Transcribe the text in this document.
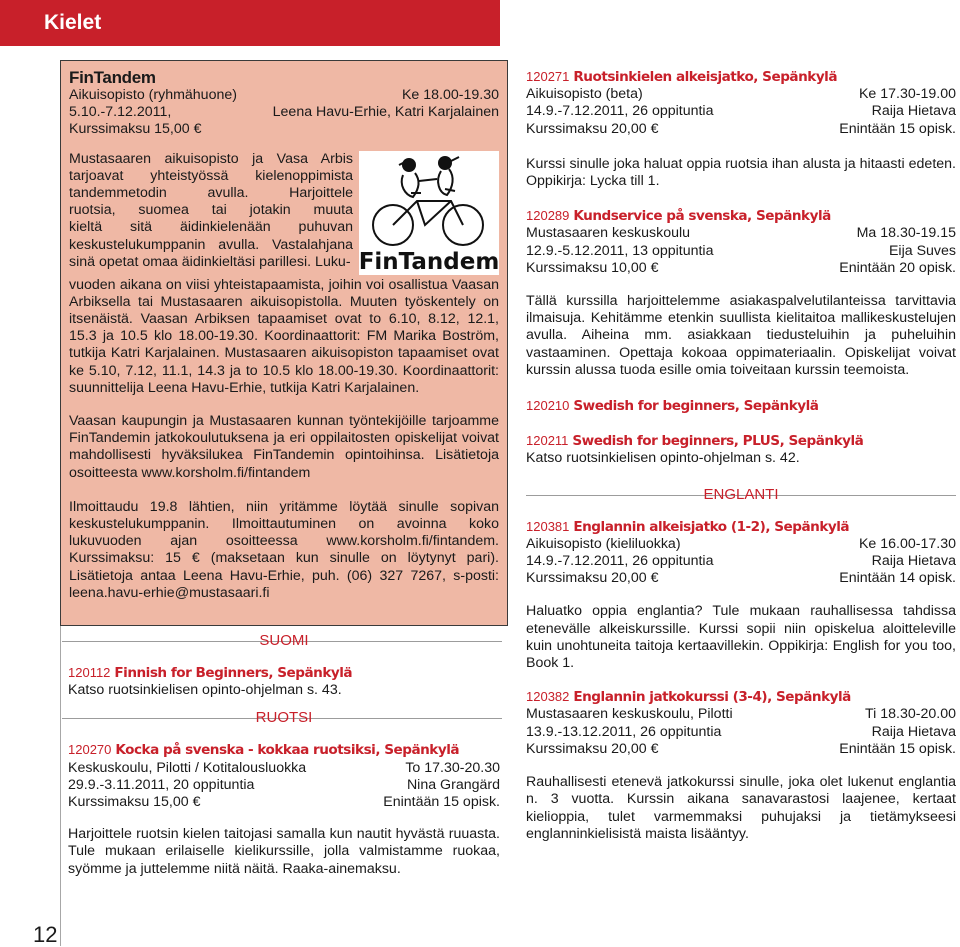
Kielet
12
FinTandem
Aikuisopisto (ryhmähuone)	Ke 18.00-19.30
5.10.-7.12.2011,	Leena Havu-Erhie, Katri Karjalainen
Kurssimaksu 15,00 €
FinTandem
Mustasaaren aikuisopisto ja Vasa Arbis
tarjoavat yhteistyössä kielenoppimista
tandemmetodin avulla. Harjoittele
ruotsia, suomea tai jotakin muuta
kieltä sitä äidinkielenään puhuvan
keskustelukumppanin avulla. Vastalahjana
sinä opetat omaa äidinkieltäsi parillesi. Luku-

vuoden aikana on viisi yhteistapaamista, joihin voi osallistua Vaasan Arbiksella tai Mustasaaren aikuisopistolla. Muuten työskentely on itsenäistä. Vaasan Arbiksen tapaamiset ovat to 6.10, 8.12, 12.1, 15.3 ja 10.5 klo 18.00-19.30. Koordinaattorit: FM Marika Boström, tutkija Katri Karjalainen. Mustasaaren aikuisopiston tapaamiset ovat ke 5.10, 7.12, 11.1, 14.3 ja to 10.5 klo 18.00-19.30. Koordinaattorit: suunnittelija Leena Havu-Erhie, tutkija Katri Karjalainen.

Vaasan kaupungin ja Mustasaaren kunnan työntekijöille tarjoamme FinTandemin jatkokoulutuksena ja eri oppilaitosten opiskelijat voivat mahdollisesti hyväksilukea FinTandemin opintoihinsa. Lisätietoja osoitteesta www.korsholm.fi/fintandem

Ilmoittaudu 19.8 lähtien, niin yritämme löytää sinulle sopivan keskustelukumppanin. Ilmoittautuminen on avoinna koko lukuvuoden ajan osoitteessa www.korsholm.fi/fintandem. Kurssimaksu: 15 € (maksetaan kun sinulle on löytynyt pari). Lisätietoja antaa Leena Havu-Erhie, puh. (06) 327 7267, s-posti: leena.havu-erhie@mustasaari.fi

SUOMI
120112 Finnish for Beginners, Sepänkylä
Katso ruotsinkielisen opinto-ohjelman s. 43.
RUOTSI
120270 Kocka på svenska - kokkaa ruotsiksi, Sepänkylä
Keskuskoulu, Pilotti / Kotitalousluokka	To 17.30-20.30
29.9.-3.11.2011, 20 oppituntia	Nina Grangärd
Kurssimaksu 15,00 €	Enintään 15 opisk.

Harjoittele ruotsin kielen taitojasi samalla kun nautit hyvästä ruuasta. Tule mukaan erilaiselle kielikurssille, jolla valmistamme ruokaa, syömme ja juttelemme niitä näitä. Raaka-ainemaksu.

120271 Ruotsinkielen alkeisjatko, Sepänkylä
Aikuisopisto (beta)	Ke 17.30-19.00
14.9.-7.12.2011, 26 oppituntia	Raija Hietava
Kurssimaksu 20,00 €	Enintään 15 opisk.

Kurssi sinulle joka haluat oppia ruotsia ihan alusta ja hitaasti edeten. Oppikirja: Lycka till 1.

120289 Kundservice på svenska, Sepänkylä
Mustasaaren keskuskoulu	Ma 18.30-19.15
12.9.-5.12.2011, 13 oppituntia	Eija Suves
Kurssimaksu 10,00 €	Enintään 20 opisk.

Tällä kurssilla harjoittelemme asiakaspalvelutilanteissa tarvittavia ilmaisuja. Kehitämme etenkin suullista kielitaitoa mallikeskustelujen avulla. Aiheina mm. asiakkaan tiedusteluihin ja puheluihin vastaaminen. Opettaja kokoaa oppimateriaalin. Opiskelijat voivat kurssin alussa tuoda esille omia toiveitaan kurssin teemoista.

120210 Swedish for beginners, Sepänkylä
120211 Swedish for beginners, PLUS, Sepänkylä
Katso ruotsinkielisen opinto-ohjelman s. 42.
ENGLANTI
120381 Englannin alkeisjatko (1-2), Sepänkylä
Aikuisopisto (kieliluokka)	Ke 16.00-17.30
14.9.-7.12.2011, 26 oppituntia	Raija Hietava
Kurssimaksu 20,00 €	Enintään 14 opisk.

Haluatko oppia englantia? Tule mukaan rauhallisessa tahdissa etenevälle alkeiskurssille. Kurssi sopii niin opiskelua aloitteleville kuin unohtuneita taitoja kertaavillekin. Oppikirja: English for you too, Book 1.

120382 Englannin jatkokurssi (3-4), Sepänkylä
Mustasaaren keskuskoulu, Pilotti	Ti 18.30-20.00
13.9.-13.12.2011, 26 oppituntia	Raija Hietava
Kurssimaksu 20,00 €	Enintään 15 opisk.

Rauhallisesti etenevä jatkokurssi sinulle, joka olet lukenut englantia n. 3 vuotta. Kurssin aikana sanavarastosi laajenee, kertaat kielioppia, tulet varmemmaksi puhujaksi ja tietämykseesi englanninkielisistä maista lisääntyy.
